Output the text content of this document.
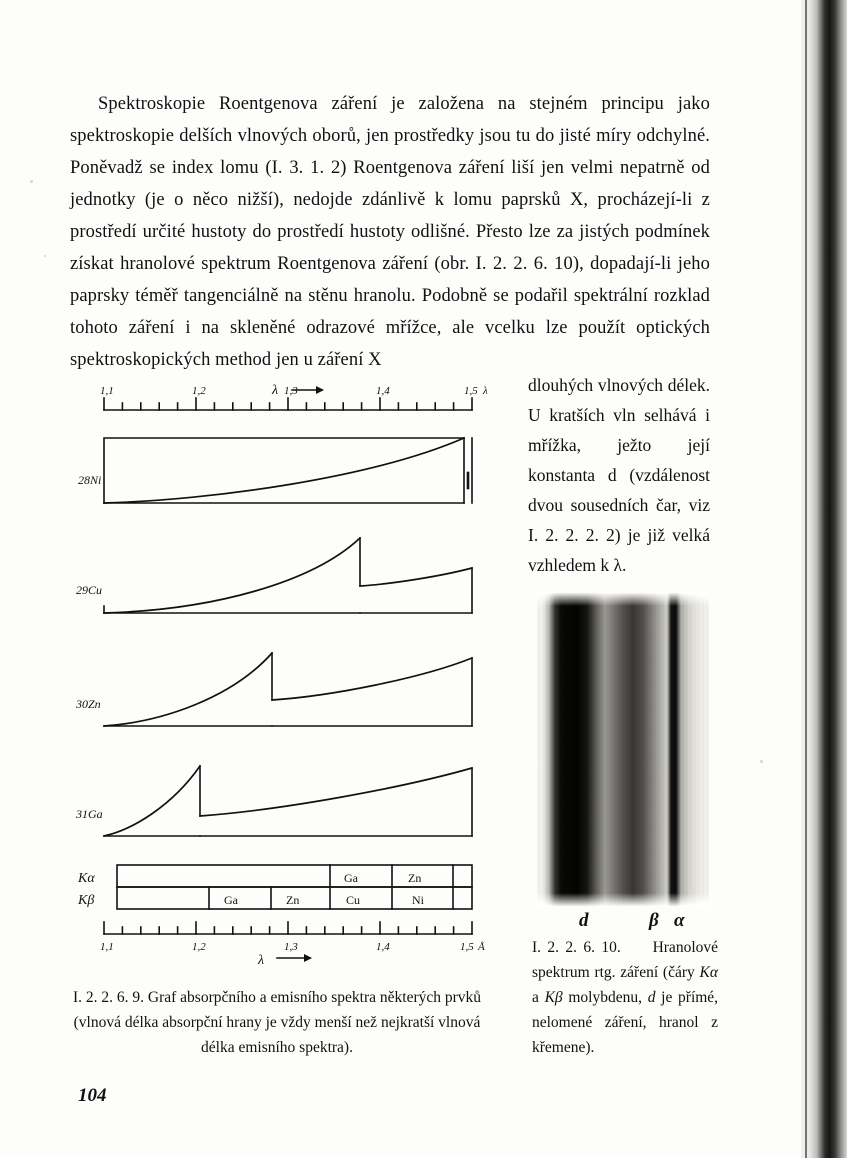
Spektroskopie Roentgenova záření je založena na stejném principu jako spektroskopie delších vlnových oborů, jen prostředky jsou tu do jisté míry odchylné. Poněvadž se index lomu (I. 3. 1. 2) Roentgenova záření liší jen velmi nepatrně od jednotky (je o něco nižší), nedojde zdánlivě k lomu paprsků X, procházejí-li z prostředí určité hustoty do prostředí hustoty odlišné. Přesto lze za jistých podmínek získat hranolové spektrum Roentgenova záření (obr. I. 2. 2. 6. 10), dopadají-li jeho paprsky téměř tangenciálně na stěnu hranolu. Podobně se podařil spektrální rozklad tohoto záření i na skleněné odrazové mřížce, ale vcelku lze použít optických spektroskopických method jen u záření X
dlouhých vlnových délek. U kratších vln selhává i mřížka, ježto její konstanta d (vzdálenost dvou sousedních čar, viz I. 2. 2. 2. 2) je již velká vzhledem k λ.
1,1	1,2	1,3	1,4	1,5 λ
λ
28Ni
29Cu
30Zn
31Ga
Kα
Kβ
Ga	Zn
Ga	Zn	Cu	Ni
1,1	1,2	1,3	1,4	1,5 Å
λ
d	β α
I. 2. 2. 6. 9. Graf absorpčního a emisního spektra některých prvků (vlnová délka absorpční hrany je vždy menší než nejkratší vlnová délka emisního spektra).
I. 2. 2. 6. 10. Hranolové spektrum rtg. záření (čáry Kα a Kβ molybdenu, d je přímé, nelomené záření, hranol z křemene).
104
